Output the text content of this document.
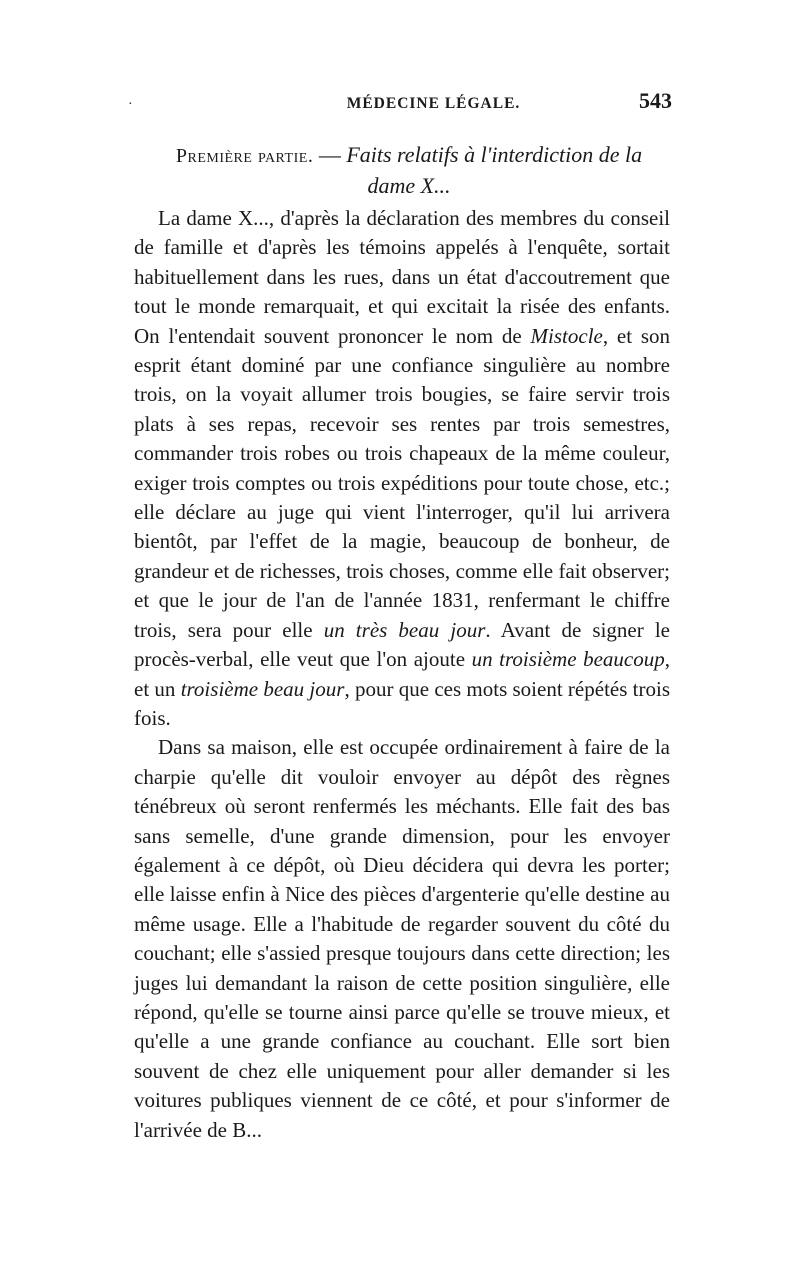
·	MÉDECINE LÉGALE.	543
Première partie. — Faits relatifs à l'interdiction de la
dame X...

La dame X..., d'après la déclaration des membres du conseil de famille et d'après les témoins appelés à l'enquête, sortait habituellement dans les rues, dans un état d'accoutrement que tout le monde remarquait, et qui excitait la risée des enfants. On l'entendait souvent prononcer le nom de Mistocle, et son esprit étant dominé par une confiance singulière au nombre trois, on la voyait allumer trois bougies, se faire servir trois plats à ses repas, recevoir ses rentes par trois semestres, commander trois robes ou trois chapeaux de la même couleur, exiger trois comptes ou trois expéditions pour toute chose, etc.; elle déclare au juge qui vient l'interroger, qu'il lui arrivera bientôt, par l'effet de la magie, beaucoup de bonheur, de grandeur et de richesses, trois choses, comme elle fait observer; et que le jour de l'an de l'année 1831, renfermant le chiffre trois, sera pour elle un très beau jour. Avant de signer le procès-verbal, elle veut que l'on ajoute un troisième beaucoup, et un troisième beau jour, pour que ces mots soient répétés trois fois.

Dans sa maison, elle est occupée ordinairement à faire de la charpie qu'elle dit vouloir envoyer au dépôt des règnes ténébreux où seront renfermés les méchants. Elle fait des bas sans semelle, d'une grande dimension, pour les envoyer également à ce dépôt, où Dieu décidera qui devra les porter; elle laisse enfin à Nice des pièces d'argenterie qu'elle destine au même usage. Elle a l'habitude de regarder souvent du côté du couchant; elle s'assied presque toujours dans cette direction; les juges lui demandant la raison de cette position singulière, elle répond, qu'elle se tourne ainsi parce qu'elle se trouve mieux, et qu'elle a une grande confiance au couchant. Elle sort bien souvent de chez elle uniquement pour aller demander si les voitures publiques viennent de ce côté, et pour s'informer de l'arrivée de B...
